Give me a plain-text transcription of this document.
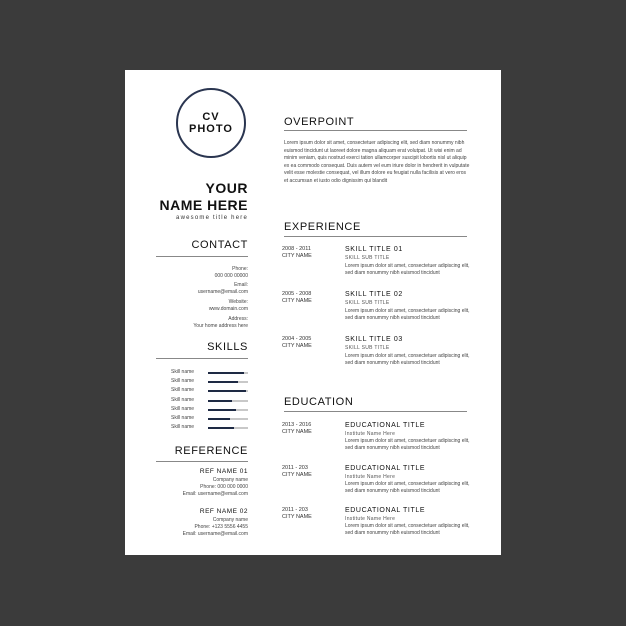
CV
PHOTO
YOUR
NAME HERE
awesome title here
CONTACT
Phone:
000 000 00000
Email:
username@email.com
Website:
www.domain.com
Address:
Your home address here
SKILLS
Skill name
Skill name
Skill name
Skill name
Skill name
Skill name
Skill name
REFERENCE
REF NAME 01
Company name
Phone: 000 000 0000
Email: username@email.com
REF NAME 02
Company name
Phone: +123 5556 4455
Email: username@email.com
OVERPOINT
Lorem ipsum dolor sit amet, consectetuer adipiscing elit, sed diam nonummy nibh euismod tincidunt ut laoreet dolore magna aliquam erat volutpat. Ut wisi enim ad minim veniam, quis nostrud exerci tation ullamcorper suscipit lobortis nisl ut aliquip ex ea commodo consequat. Duis autem vel eum iriure dolor in hendrerit in vulputate velit esse molestie consequat, vel illum dolore eu feugiat nulla facilisis at vero eros et accumsan et iusto odio dignissim qui blandit
EXPERIENCE
2008 - 2011
CITY NAME
SKILL TITLE 01
SKILL SUB TITLE
Lorem ipsum dolor sit amet, consectetuer adipiscing elit, sed diam nonummy nibh euismod tincidunt
2005 - 2008
CITY NAME
SKILL TITLE 02
SKILL SUB TITLE
Lorem ipsum dolor sit amet, consectetuer adipiscing elit, sed diam nonummy nibh euismod tincidunt
2004 - 2005
CITY NAME
SKILL TITLE 03
SKILL SUB TITLE
Lorem ipsum dolor sit amet, consectetuer adipiscing elit, sed diam nonummy nibh euismod tincidunt
EDUCATION
2013 - 2016
CITY NAME
EDUCATIONAL TITLE
Institute Name Here
Lorem ipsum dolor sit amet, consectetuer adipiscing elit, sed diam nonummy nibh euismod tincidunt
2011 - 203
CITY NAME
EDUCATIONAL TITLE
Institute Name Here
Lorem ipsum dolor sit amet, consectetuer adipiscing elit, sed diam nonummy nibh euismod tincidunt
2011 - 203
CITY NAME
EDUCATIONAL TITLE
Institute Name Here
Lorem ipsum dolor sit amet, consectetuer adipiscing elit, sed diam nonummy nibh euismod tincidunt
